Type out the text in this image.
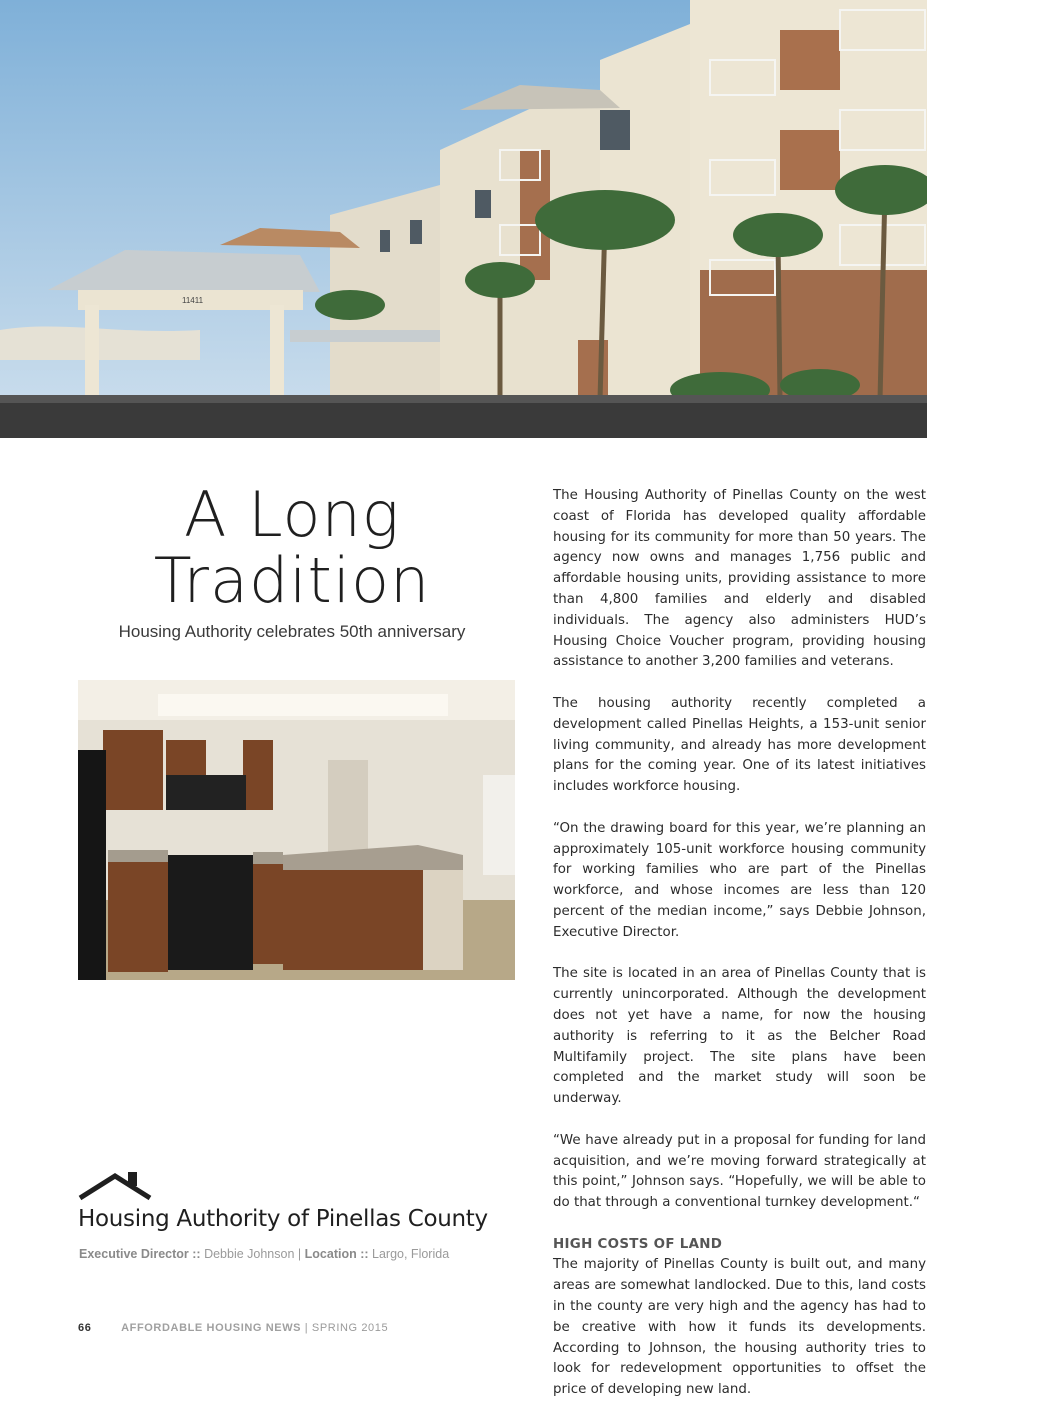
11411
A Long
Tradition
Housing Authority celebrates 50th anniversary

The Housing Authority of Pinellas County on the west coast of Florida has developed quality affordable housing for its community for more than 50 years. The agency now owns and manages 1,756 public and affordable housing units, providing assistance to more than 4,800 families and elderly and disabled individuals. The agency also administers HUD’s Housing Choice Voucher program, providing housing assistance to another 3,200 families and veterans.

The housing authority recently completed a development called Pinellas Heights, a 153-unit senior living community, and already has more development plans for the coming year. One of its latest initiatives includes workforce housing.

“On the drawing board for this year, we’re planning an approximately 105-unit workforce housing community for working families who are part of the Pinellas workforce, and whose incomes are less than 120 percent of the median income,” says Debbie Johnson, Executive Director.

The site is located in an area of Pinellas County that is currently unincorporated. Although the development does not yet have a name, for now the housing authority is referring to it as the Belcher Road Multifamily project. The site plans have been completed and the market study will soon be underway.

“We have already put in a proposal for funding for land acquisition, and we’re moving forward strategically at this point,” Johnson says. “Hopefully, we will be able to do that through a conventional turnkey development.“

HIGH COSTS OF LAND

The majority of Pinellas County is built out, and many areas are somewhat landlocked. Due to this, land costs in the county are very high and the agency has had to be creative with how it funds its developments. According to Johnson, the housing authority tries to look for redevelopment opportunities to offset the price of developing new land.

Housing Authority of Pinellas County
Executive Director :: Debbie Johnson | Location :: Largo, Florida
66	AFFORDABLE HOUSING NEWS | SPRING 2015
